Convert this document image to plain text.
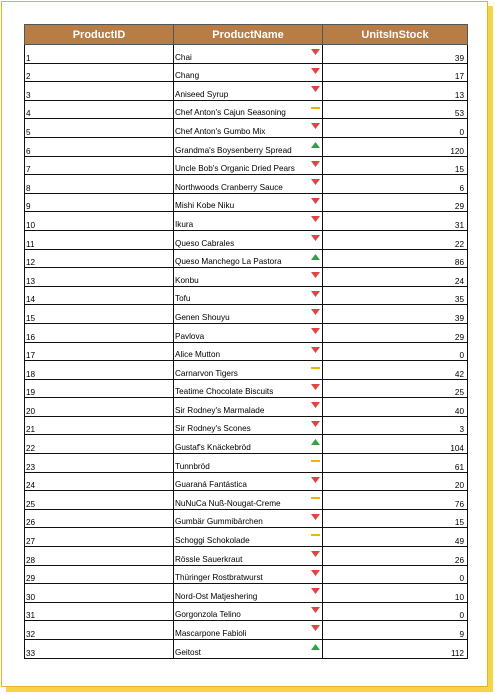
ProductID	ProductName	UnitsInStock
1	Chai	39
2	Chang	17
3	Aniseed Syrup	13
4	Chef Anton's Cajun Seasoning	53
5	Chef Anton's Gumbo Mix	0
6	Grandma's Boysenberry Spread	120
7	Uncle Bob's Organic Dried Pears	15
8	Northwoods Cranberry Sauce	6
9	Mishi Kobe Niku	29
10	Ikura	31
11	Queso Cabrales	22
12	Queso Manchego La Pastora	86
13	Konbu	24
14	Tofu	35
15	Genen Shouyu	39
16	Pavlova	29
17	Alice Mutton	0
18	Carnarvon Tigers	42
19	Teatime Chocolate Biscuits	25
20	Sir Rodney's Marmalade	40
21	Sir Rodney's Scones	3
22	Gustaf's Knäckebröd	104
23	Tunnbröd	61
24	Guaraná Fantástica	20
25	NuNuCa Nuß-Nougat-Creme	76
26	Gumbär Gummibärchen	15
27	Schoggi Schokolade	49
28	Rössle Sauerkraut	26
29	Thüringer Rostbratwurst	0
30	Nord-Ost Matjeshering	10
31	Gorgonzola Telino	0
32	Mascarpone Fabioli	9
33	Geitost	112
